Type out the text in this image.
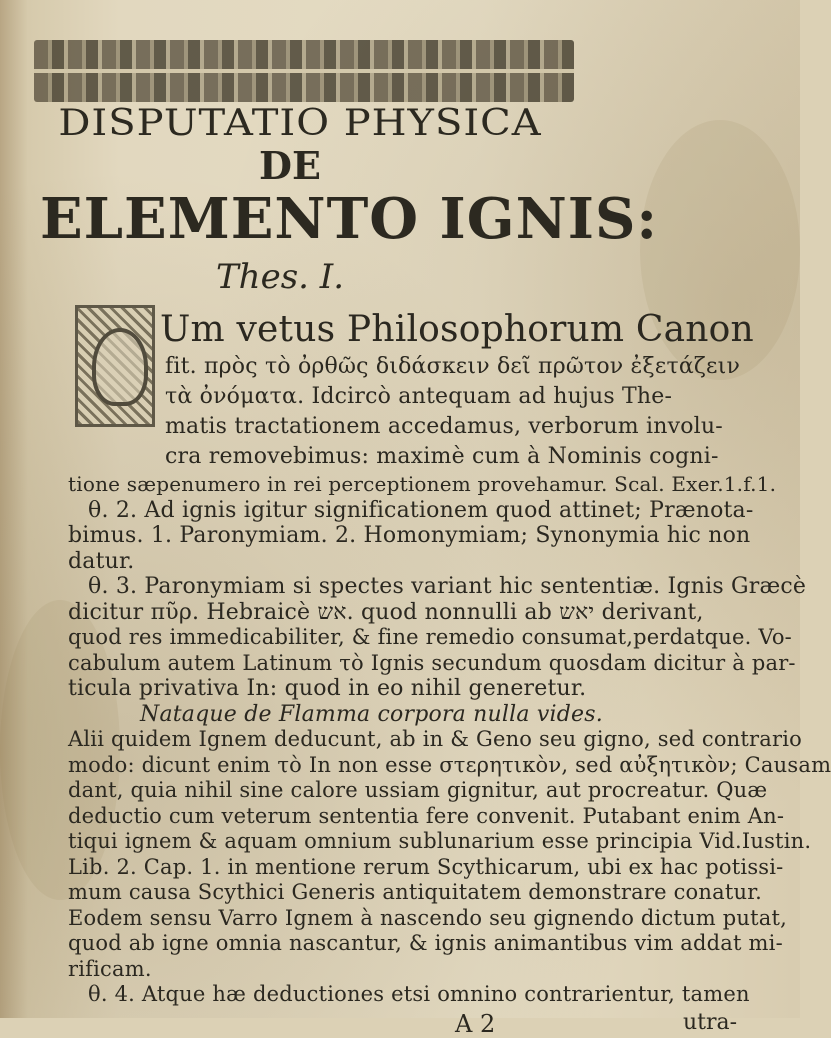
DISPUTATIO PHYSICA
DE
ELEMENTO IGNIS:
Thes. I.
Um vetus Philosophorum Canon
fit. πρὸς τὸ ὀρθῶς διδάσκειν δεῖ πρῶτον ἐξετάζειν
τὰ ὀνόματα. Idcircò antequam ad hujus The-
matis tractationem accedamus, verborum involu-
cra removebimus: maximè cum à Nominis cogni-
tione sæpenumero in rei perceptionem provehamur. Scal. Exer.1.f.1.
θ. 2. Ad ignis igitur significationem quod attinet; Prænota-
bimus. 1. Paronymiam. 2. Homonymiam; Synonymia hic non
datur.
θ. 3. Paronymiam si spectes variant hic sententiæ. Ignis Græcè
dicitur πῦρ. Hebraicè אש. quod nonnulli ab יאש derivant,
quod res immedicabiliter, & fine remedio consumat,perdatque. Vo-
cabulum autem Latinum τὸ Ignis secundum quosdam dicitur à par-
ticula privativa In: quod in eo nihil generetur.
Nataque de Flamma corpora nulla vides.
Alii quidem Ignem deducunt, ab in & Geno seu gigno, sed contrario
modo: dicunt enim τὸ In non esse στερητικὸν, sed αὐξητικὸν; Causam
dant, quia nihil sine calore ussiam gignitur, aut procreatur. Quæ
deductio cum veterum sententia fere convenit. Putabant enim An-
tiqui ignem & aquam omnium sublunarium esse principia Vid.Iustin.
Lib. 2. Cap. 1. in mentione rerum Scythicarum, ubi ex hac potissi-
mum causa Scythici Generis antiquitatem demonstrare conatur.
Eodem sensu Varro Ignem à nascendo seu gignendo dictum putat,
quod ab igne omnia nascantur, & ignis animantibus vim addat mi-
rificam.
θ. 4. Atque hæ deductiones etsi omnino contrarientur, tamen
A 2	utra-
